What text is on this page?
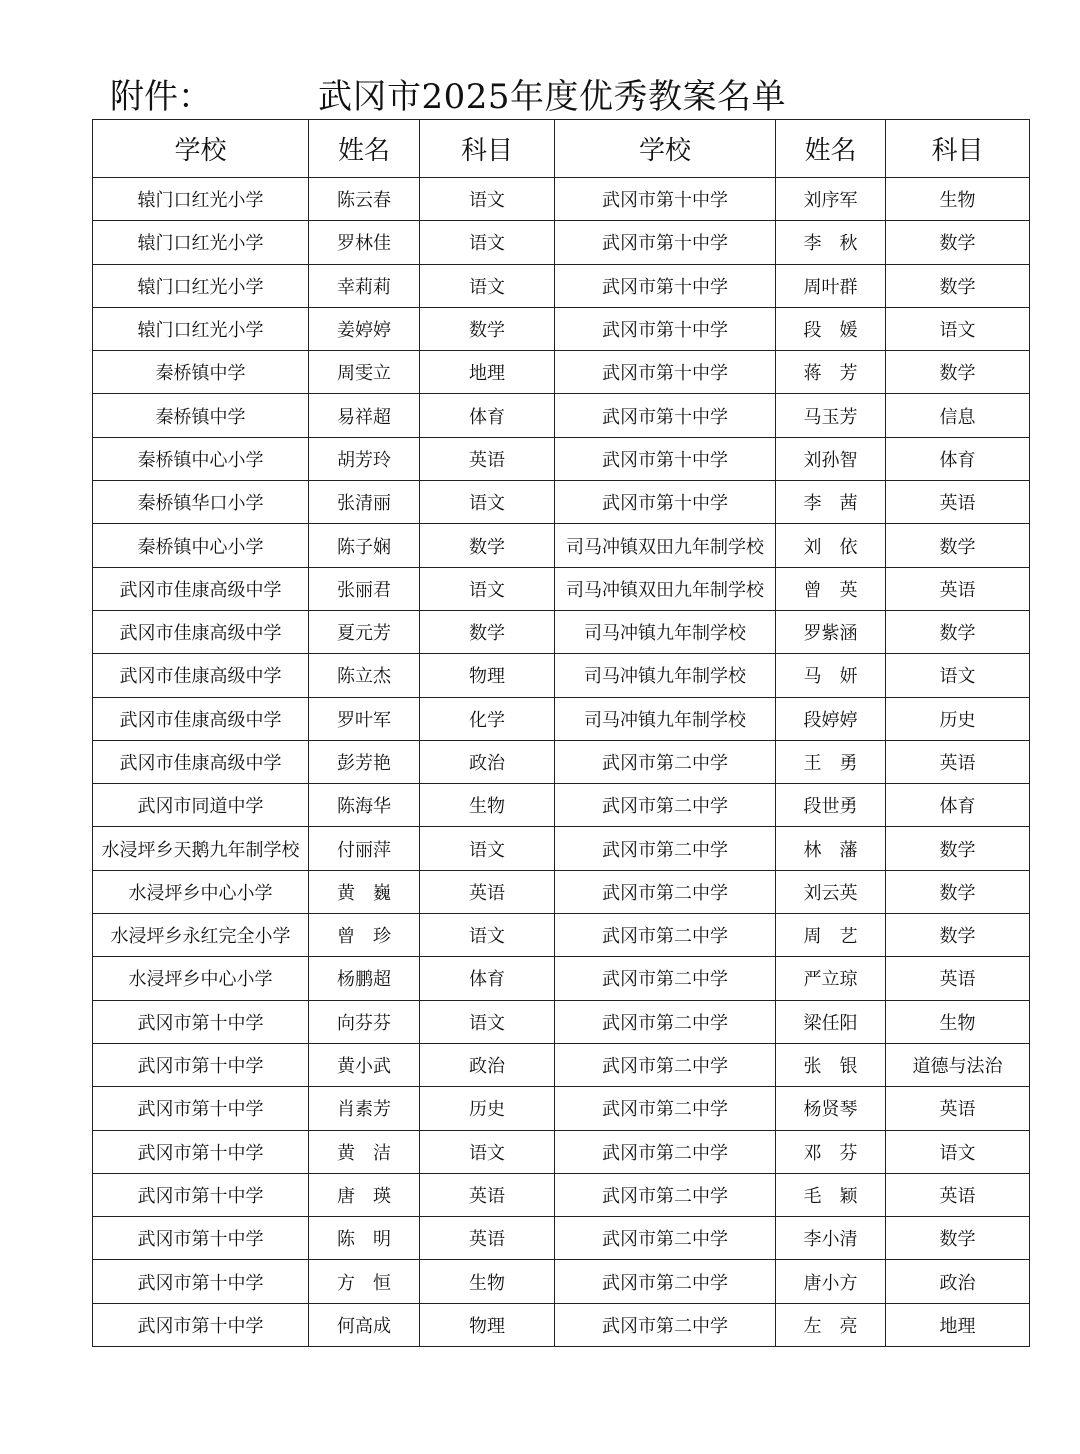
附件：	武冈市2025年度优秀教案名单
学校	姓名	科目	学校	姓名	科目
辕门口红光小学	陈云春	语文	武冈市第十中学	刘序军	生物
辕门口红光小学	罗林佳	语文	武冈市第十中学	李　秋	数学
辕门口红光小学	幸莉莉	语文	武冈市第十中学	周叶群	数学
辕门口红光小学	姜婷婷	数学	武冈市第十中学	段　媛	语文
秦桥镇中学	周雯立	地理	武冈市第十中学	蒋　芳	数学
秦桥镇中学	易祥超	体育	武冈市第十中学	马玉芳	信息
秦桥镇中心小学	胡芳玲	英语	武冈市第十中学	刘孙智	体育
秦桥镇华口小学	张清丽	语文	武冈市第十中学	李　茜	英语
秦桥镇中心小学	陈子娴	数学	司马冲镇双田九年制学校	刘　依	数学
武冈市佳康高级中学	张丽君	语文	司马冲镇双田九年制学校	曾　英	英语
武冈市佳康高级中学	夏元芳	数学	司马冲镇九年制学校	罗紫涵	数学
武冈市佳康高级中学	陈立杰	物理	司马冲镇九年制学校	马　妍	语文
武冈市佳康高级中学	罗叶军	化学	司马冲镇九年制学校	段婷婷	历史
武冈市佳康高级中学	彭芳艳	政治	武冈市第二中学	王　勇	英语
武冈市同道中学	陈海华	生物	武冈市第二中学	段世勇	体育
水浸坪乡天鹅九年制学校	付丽萍	语文	武冈市第二中学	林　藩	数学
水浸坪乡中心小学	黄　巍	英语	武冈市第二中学	刘云英	数学
水浸坪乡永红完全小学	曾　珍	语文	武冈市第二中学	周　艺	数学
水浸坪乡中心小学	杨鹏超	体育	武冈市第二中学	严立琼	英语
武冈市第十中学	向芬芬	语文	武冈市第二中学	梁任阳	生物
武冈市第十中学	黄小武	政治	武冈市第二中学	张　银	道德与法治
武冈市第十中学	肖素芳	历史	武冈市第二中学	杨贤琴	英语
武冈市第十中学	黄　洁	语文	武冈市第二中学	邓　芬	语文
武冈市第十中学	唐　瑛	英语	武冈市第二中学	毛　颖	英语
武冈市第十中学	陈　明	英语	武冈市第二中学	李小清	数学
武冈市第十中学	方　恒	生物	武冈市第二中学	唐小方	政治
武冈市第十中学	何高成	物理	武冈市第二中学	左　亮	地理
